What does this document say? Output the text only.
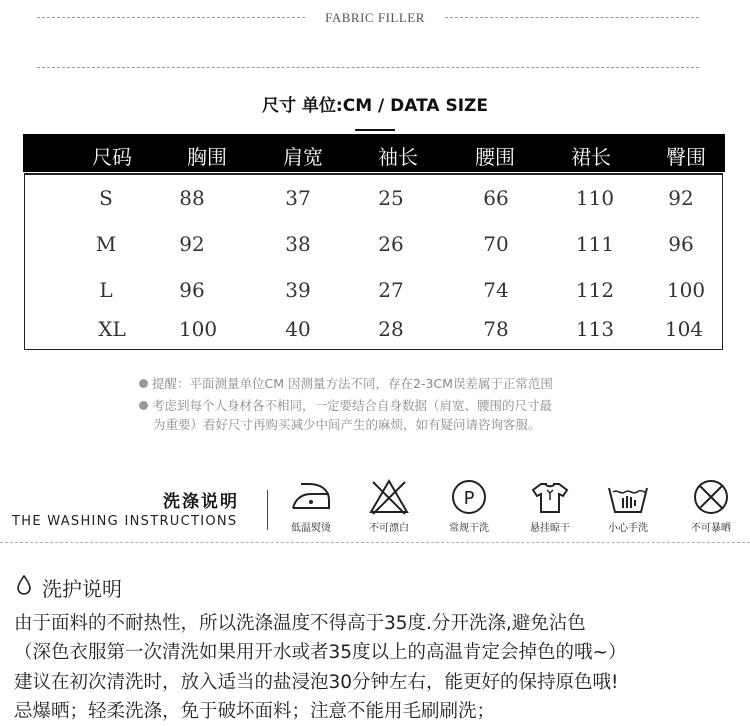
FABRIC FILLER
尺寸 单位:CM / DATA SIZE
尺码	胸围	肩宽	袖长	腰围	裙长	臀围
S	88	37	25	66	110	92
M	92	38	26	70	111	96
L	96	39	27	74	112	100
XL	100	40	28	78	113	104
提醒：平面测量单位CM 因测量方法不同，存在2-3CM误差属于正常范围
考虑到每个人身材各不相同，一定要结合自身数据（肩宽、腰围的尺寸最
为重要）看好尺寸再购买减少中间产生的麻烦，如有疑问请咨询客服。
洗涤说明
THE WASHING INSTRUCTIONS	低温熨烫	不可漂白
P
常规干洗	悬挂晾干	小心手洗	不可暴晒
洗护说明
由于面料的不耐热性，所以洗涤温度不得高于35度.分开洗涤,避免沾色
（深色衣服第一次清洗如果用开水或者35度以上的高温肯定会掉色的哦~）
建议在初次清洗时，放入适当的盐浸泡30分钟左右，能更好的保持原色哦!
忌爆晒；轻柔洗涤，免于破坏面料；注意不能用毛刷刷洗；
